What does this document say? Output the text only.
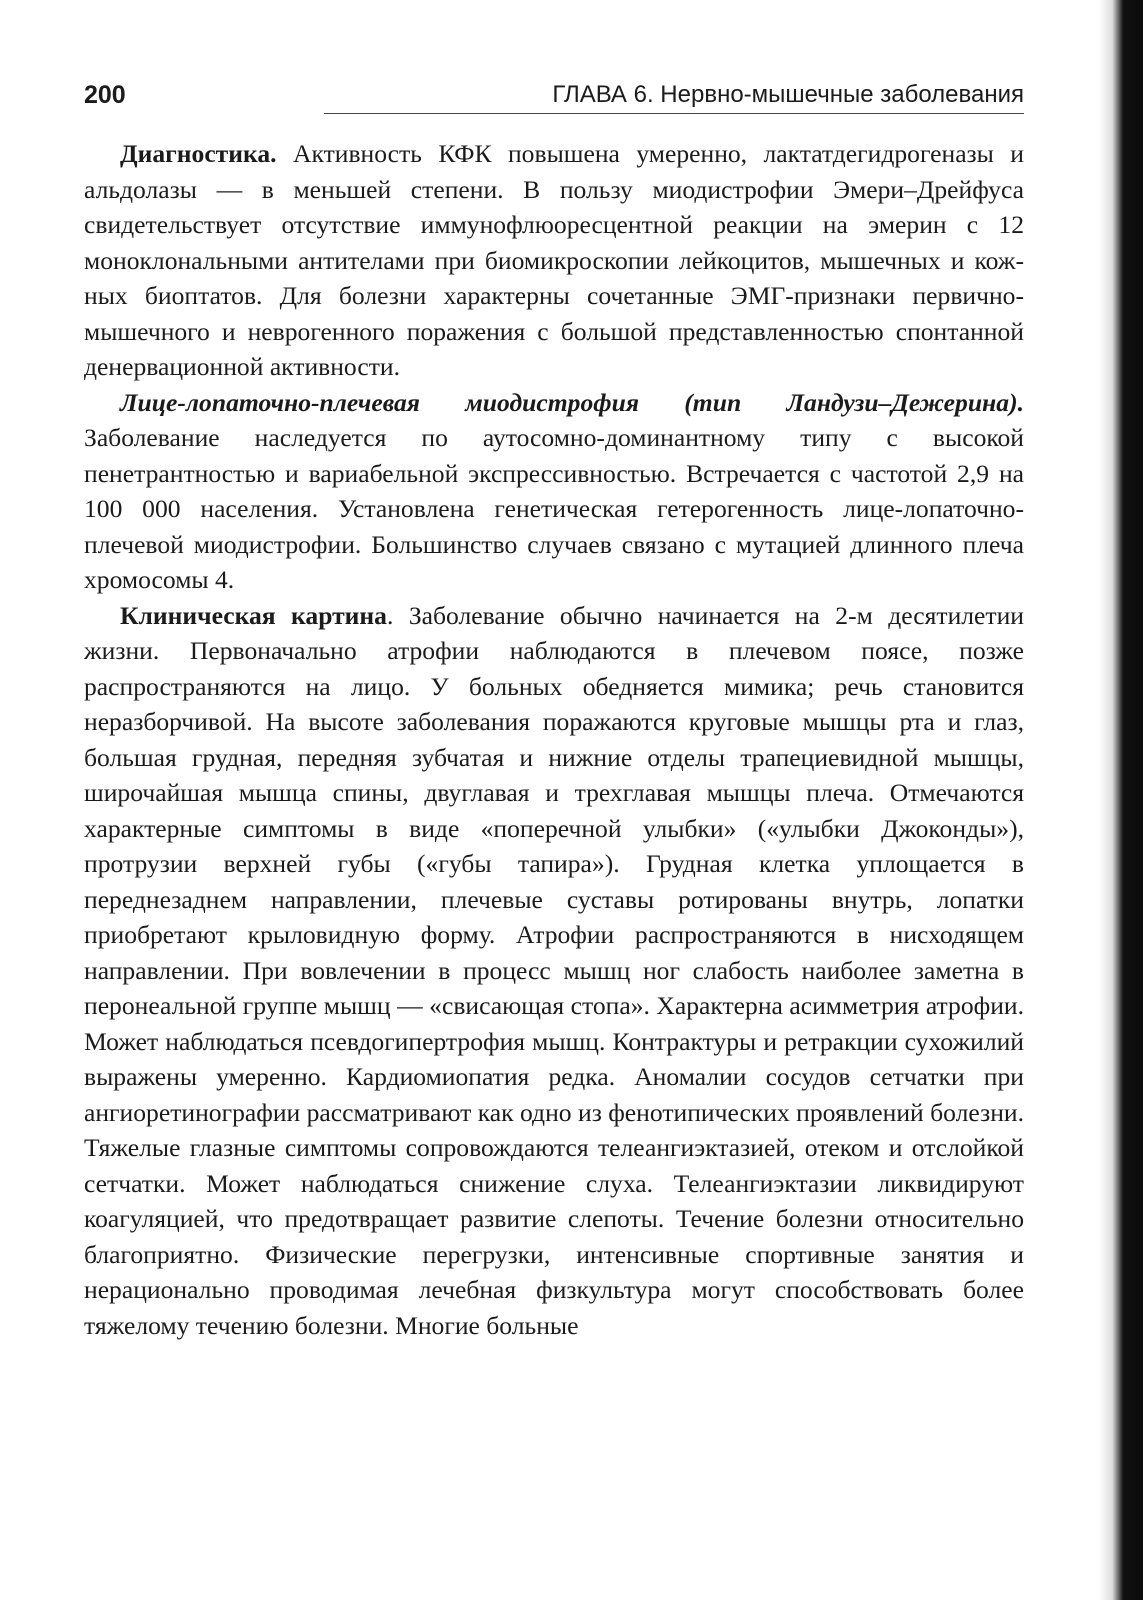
200	ГЛАВА 6. Нервно-мышечные заболевания

Диагностика. Активность КФК повышена умеренно, лактатдегидрогеназы и альдолазы — в меньшей степени. В пользу миодистрофии Эмери–Дрейфуса свидетельствует отсутствие иммунофлюоресцентной реакции на эмерин с 12 моноклональными антителами при биомикроскопии лейкоцитов, мышечных и кожных биоптатов. Для болезни характерны сочетанные ЭМГ-признаки первично-мышечного и неврогенного поражения с большой представленностью спонтанной денервационной активности.

Лице-лопаточно-плечевая миодистрофия (тип Ландузи–Дежерина). Заболевание наследуется по аутосомно-доминантному типу с высокой пенетрантностью и вариабельной экспрессивностью. Встречается с частотой 2,9 на 100 000 населения. Установлена генетическая гетерогенность лице-лопаточно-плечевой миодистрофии. Большинство случаев связано с мутацией длинного плеча хромосомы 4.

Клиническая картина. Заболевание обычно начинается на 2-м десятилетии жизни. Первоначально атрофии наблюдаются в плечевом поясе, позже распространяются на лицо. У больных обедняется мимика; речь становится неразборчивой. На высоте заболевания поражаются круговые мышцы рта и глаз, большая грудная, передняя зубчатая и нижние отделы трапециевидной мышцы, широчайшая мышца спины, двуглавая и трехглавая мышцы плеча. Отмечаются характерные симптомы в виде «поперечной улыбки» («улыбки Джоконды»), протрузии верхней губы («губы тапира»). Грудная клетка уплощается в переднезаднем направлении, плечевые суставы ротированы внутрь, лопатки приобретают крыловидную форму. Атрофии распространяются в нисходящем направлении. При вовлечении в процесс мышц ног слабость наиболее заметна в перонеальной группе мышц — «свисающая стопа». Характерна асимметрия атрофии. Может наблюдаться псевдогипертрофия мышц. Контрактуры и ретракции сухожилий выражены умеренно. Кардиомиопатия редка. Аномалии сосудов сетчатки при ангиоретинографии рассматривают как одно из фенотипических проявлений болезни. Тяжелые глазные симптомы сопровождаются телеангиэктазией, отеком и отслойкой сетчатки. Может наблюдаться снижение слуха. Телеангиэктазии ликвидируют коагуляцией, что предотвращает развитие слепоты. Течение болезни относительно благоприятно. Физические перегрузки, интенсивные спортивные занятия и нерационально проводимая лечебная физкультура могут способствовать более тяжелому течению болезни. Многие больные
